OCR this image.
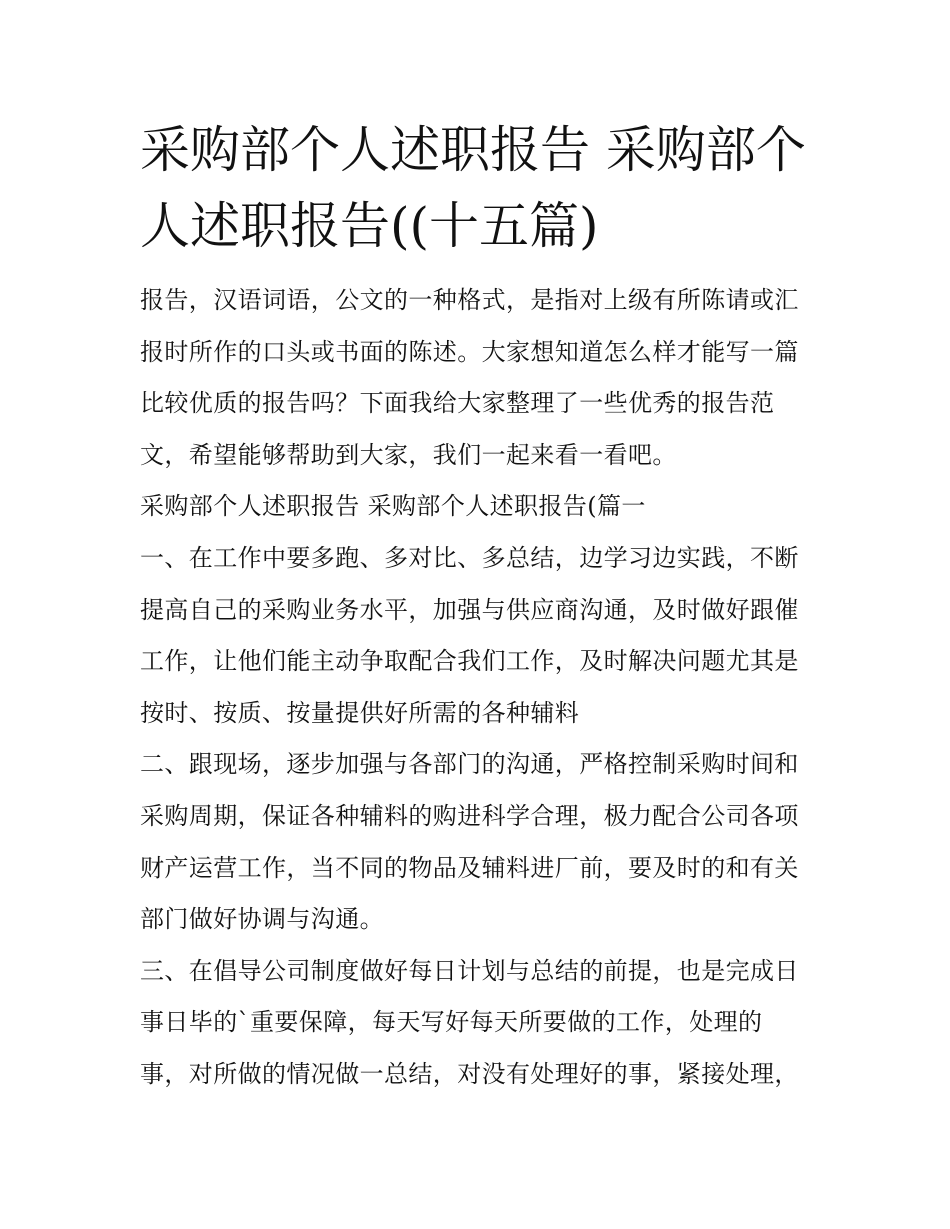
采购部个人述职报告 采购部个
人述职报告((十五篇)
报告，汉语词语，公文的一种格式，是指对上级有所陈请或汇
报时所作的口头或书面的陈述。大家想知道怎么样才能写一篇
比较优质的报告吗？下面我给大家整理了一些优秀的报告范
文，希望能够帮助到大家，我们一起来看一看吧。
采购部个人述职报告 采购部个人述职报告(篇一
一、在工作中要多跑、多对比、多总结，边学习边实践，不断
提高自己的采购业务水平，加强与供应商沟通，及时做好跟催
工作，让他们能主动争取配合我们工作，及时解决问题尤其是
按时、按质、按量提供好所需的各种辅料
二、跟现场，逐步加强与各部门的沟通，严格控制采购时间和
采购周期，保证各种辅料的购进科学合理，极力配合公司各项
财产运营工作，当不同的物品及辅料进厂前，要及时的和有关
部门做好协调与沟通。
三、在倡导公司制度做好每日计划与总结的前提，也是完成日
事日毕的`重要保障，每天写好每天所要做的工作，处理的
事，对所做的情况做一总结，对没有处理好的事，紧接处理，
